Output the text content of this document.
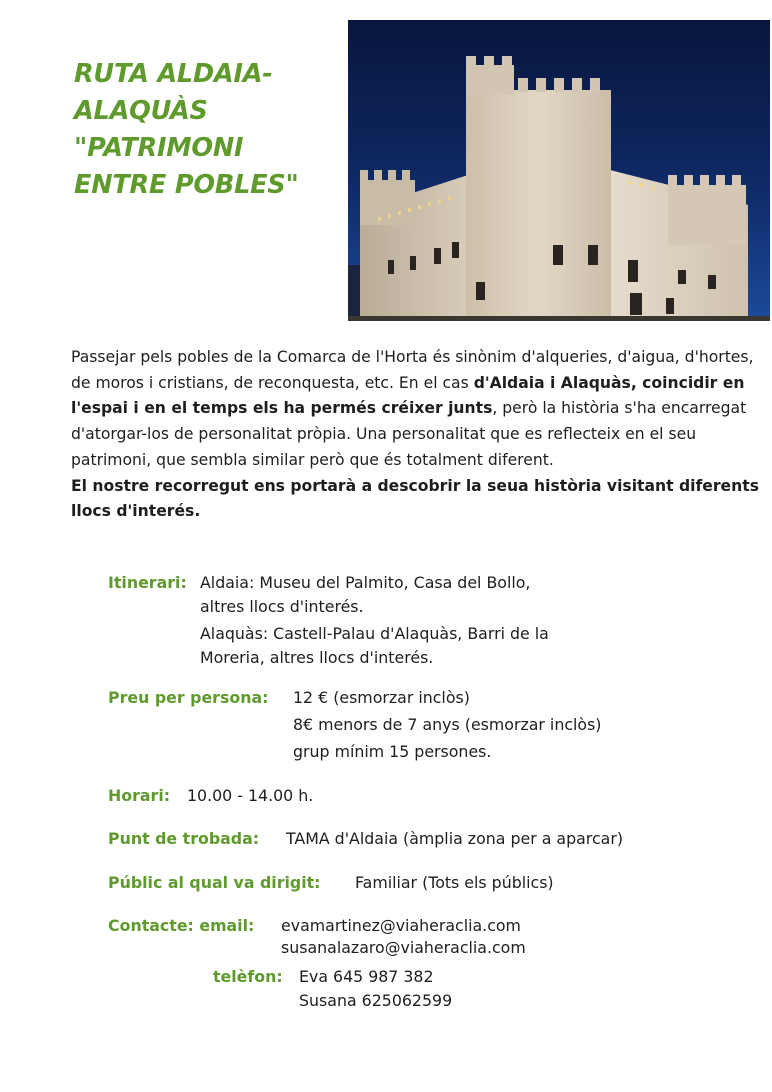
RUTA ALDAIA-
ALAQUÀS
"PATRIMONI
ENTRE POBLES"

Passejar pels pobles de la Comarca de l'Horta és sinònim d'alqueries, d'aigua, d'hortes, de moros i cristians, de reconquesta, etc. En el cas d'Aldaia i Alaquàs, coincidir en l'espai i en el temps els ha permés créixer junts, però la història s'ha encarregat d'atorgar-los de personalitat pròpia. Una personalitat que es reflecteix en el seu patrimoni, que sembla similar però que és totalment diferent.

El nostre recorregut ens portarà a descobrir la seua història visitant diferents llocs d'interés.

Itinerari: Aldaia: Museu del Palmito, Casa del Bollo,
altres llocs d'interés.
Alaquàs: Castell-Palau d'Alaquàs, Barri de la
Moreria, altres llocs d'interés.
Preu per persona: 12 € (esmorzar inclòs)
8€ menors de 7 anys (esmorzar inclòs)
grup mínim 15 persones.
Horari: 10.00 - 14.00 h.
Punt de trobada: TAMA d'Aldaia (àmplia zona per a aparcar)
Públic al qual va dirigit: Familiar (Tots els públics)
Contacte: email: evamartinez@viaheraclia.com
susanalazaro@viaheraclia.com
telèfon: Eva 645 987 382
Susana 625062599
